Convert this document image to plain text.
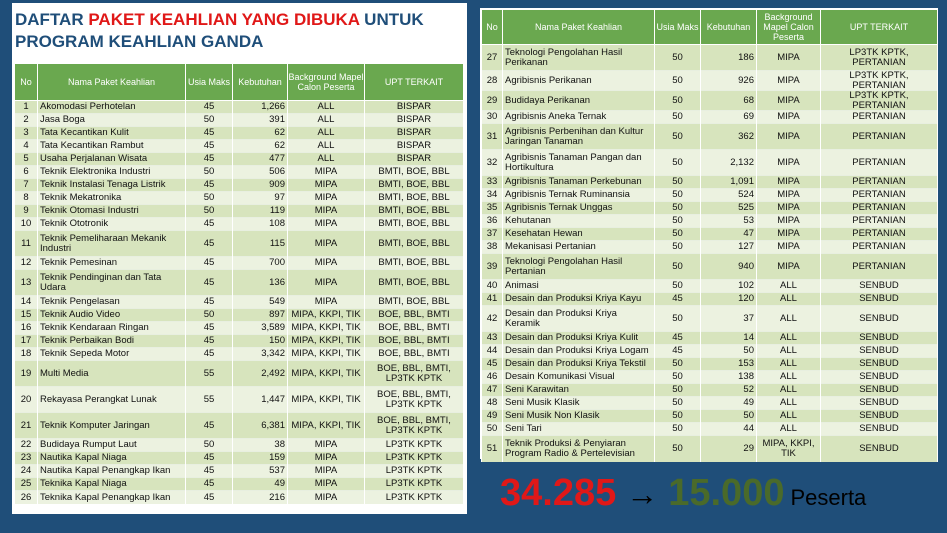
DAFTAR PAKET KEAHLIAN YANG DIBUKA UNTUK
PROGRAM KEAHLIAN GANDA
No	Nama Paket Keahlian	Usia Maks	Kebutuhan	Background Mapel Calon Peserta	UPT TERKAIT
1	Akomodasi Perhotelan	45	1,266	ALL	BISPAR
2	Jasa Boga	50	391	ALL	BISPAR
3	Tata Kecantikan Kulit	45	62	ALL	BISPAR
4	Tata Kecantikan Rambut	45	62	ALL	BISPAR
5	Usaha Perjalanan Wisata	45	477	ALL	BISPAR
6	Teknik Elektronika Industri	50	506	MIPA	BMTI, BOE, BBL
7	Teknik Instalasi Tenaga Listrik	45	909	MIPA	BMTI, BOE, BBL
8	Teknik Mekatronika	50	97	MIPA	BMTI, BOE, BBL
9	Teknik Otomasi Industri	50	119	MIPA	BMTI, BOE, BBL
10	Teknik Ototronik	45	108	MIPA	BMTI, BOE, BBL
11	Teknik Pemeliharaan Mekanik Industri	45	115	MIPA	BMTI, BOE, BBL
12	Teknik Pemesinan	45	700	MIPA	BMTI, BOE, BBL
13	Teknik Pendinginan dan Tata Udara	45	136	MIPA	BMTI, BOE, BBL
14	Teknik Pengelasan	45	549	MIPA	BMTI, BOE, BBL
15	Teknik Audio Video	50	897	MIPA, KKPI, TIK	BOE, BBL, BMTI
16	Teknik Kendaraan Ringan	45	3,589	MIPA, KKPI, TIK	BOE, BBL, BMTI
17	Teknik Perbaikan Bodi	45	150	MIPA, KKPI, TIK	BOE, BBL, BMTI
18	Teknik Sepeda Motor	45	3,342	MIPA, KKPI, TIK	BOE, BBL, BMTI
19	Multi Media	55	2,492	MIPA, KKPI, TIK	BOE, BBL, BMTI, LP3TK KPTK
20	Rekayasa Perangkat Lunak	55	1,447	MIPA, KKPI, TIK	BOE, BBL, BMTI, LP3TK KPTK
21	Teknik Komputer Jaringan	45	6,381	MIPA, KKPI, TIK	BOE, BBL, BMTI, LP3TK KPTK
22	Budidaya Rumput Laut	50	38	MIPA	LP3TK KPTK
23	Nautika Kapal Niaga	45	159	MIPA	LP3TK KPTK
24	Nautika Kapal Penangkap Ikan	45	537	MIPA	LP3TK KPTK
25	Teknika Kapal Niaga	45	49	MIPA	LP3TK KPTK
26	Teknika Kapal Penangkap Ikan	45	216	MIPA	LP3TK KPTK
No	Nama Paket Keahlian	Usia Maks	Kebutuhan	Background Mapel Calon Peserta	UPT TERKAIT
27	Teknologi Pengolahan Hasil Perikanan	50	186	MIPA	LP3TK KPTK, PERTANIAN
28	Agribisnis Perikanan	50	926	MIPA	LP3TK KPTK, PERTANIAN
29	Budidaya Perikanan	50	68	MIPA	LP3TK KPTK, PERTANIAN
30	Agribisnis Aneka Ternak	50	69	MIPA	PERTANIAN
31	Agribisnis Perbenihan dan Kultur Jaringan Tanaman	50	362	MIPA	PERTANIAN
32	Agribisnis Tanaman Pangan dan Hortikultura	50	2,132	MIPA	PERTANIAN
33	Agribisnis Tanaman Perkebunan	50	1,091	MIPA	PERTANIAN
34	Agribisnis Ternak Ruminansia	50	524	MIPA	PERTANIAN
35	Agribisnis Ternak Unggas	50	525	MIPA	PERTANIAN
36	Kehutanan	50	53	MIPA	PERTANIAN
37	Kesehatan Hewan	50	47	MIPA	PERTANIAN
38	Mekanisasi Pertanian	50	127	MIPA	PERTANIAN
39	Teknologi Pengolahan Hasil Pertanian	50	940	MIPA	PERTANIAN
40	Animasi	50	102	ALL	SENBUD
41	Desain dan Produksi Kriya Kayu	45	120	ALL	SENBUD
42	Desain dan Produksi Kriya Keramik	50	37	ALL	SENBUD
43	Desain dan Produksi Kriya Kulit	45	14	ALL	SENBUD
44	Desain dan Produksi Kriya Logam	45	50	ALL	SENBUD
45	Desain dan Produksi Kriya Tekstil	50	153	ALL	SENBUD
46	Desain Komunikasi Visual	50	138	ALL	SENBUD
47	Seni Karawitan	50	52	ALL	SENBUD
48	Seni Musik Klasik	50	49	ALL	SENBUD
49	Seni Musik Non Klasik	50	50	ALL	SENBUD
50	Seni Tari	50	44	ALL	SENBUD
51	Teknik Produksi & Penyiaran Program Radio & Pertelevisian	50	29	MIPA, KKPI, TIK	SENBUD
34.285 → 15.000 Peserta
